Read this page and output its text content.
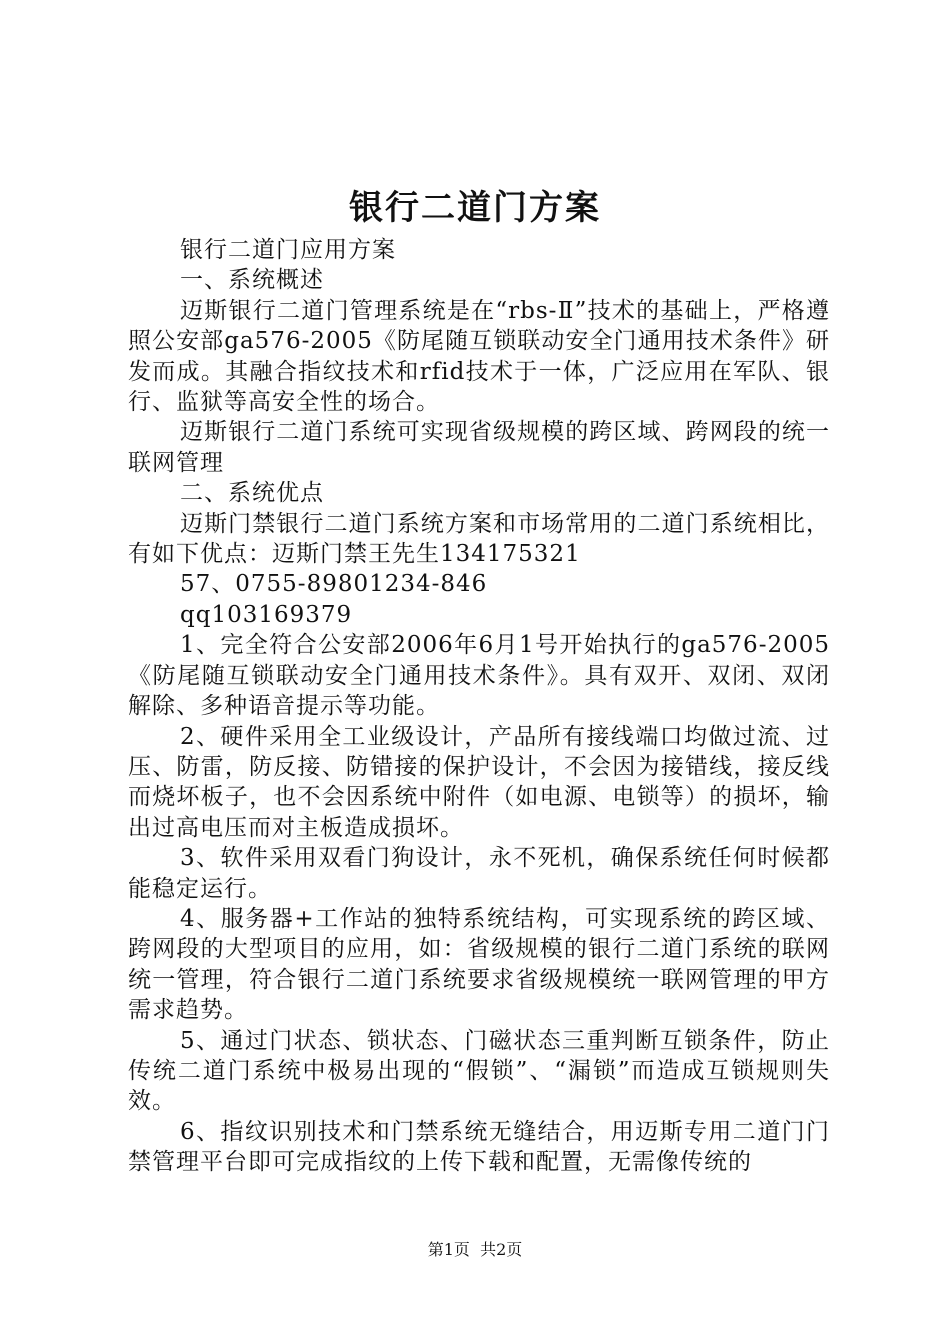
银行二道门方案

银行二道门应用方案

一、系统概述

迈斯银行二道门管理系统是在“rbs-Ⅱ”技术的基础上，严格遵照公安部ga576-2005《防尾随互锁联动安全门通用技术条件》研发而成。其融合指纹技术和rfid技术于一体，广泛应用在军队、银行、监狱等高安全性的场合。

迈斯银行二道门系统可实现省级规模的跨区域、跨网段的统一联网管理

二、系统优点

迈斯门禁银行二道门系统方案和市场常用的二道门系统相比，有如下优点：迈斯门禁王先生134175321

57、0755-89801234-846

qq103169379

1、完全符合公安部2006年6月1号开始执行的ga576-2005《防尾随互锁联动安全门通用技术条件》。具有双开、双闭、双闭解除、多种语音提示等功能。

2、硬件采用全工业级设计，产品所有接线端口均做过流、过压、防雷，防反接、防错接的保护设计，不会因为接错线，接反线而烧坏板子，也不会因系统中附件（如电源、电锁等）的损坏，输出过高电压而对主板造成损坏。

3、软件采用双看门狗设计，永不死机，确保系统任何时候都能稳定运行。

4、服务器+工作站的独特系统结构，可实现系统的跨区域、跨网段的大型项目的应用，如：省级规模的银行二道门系统的联网统一管理，符合银行二道门系统要求省级规模统一联网管理的甲方需求趋势。

5、通过门状态、锁状态、门磁状态三重判断互锁条件，防止传统二道门系统中极易出现的“假锁”、“漏锁”而造成互锁规则失效。

6、指纹识别技术和门禁系统无缝结合，用迈斯专用二道门门禁管理平台即可完成指纹的上传下载和配置，无需像传统的

第1页  共2页
